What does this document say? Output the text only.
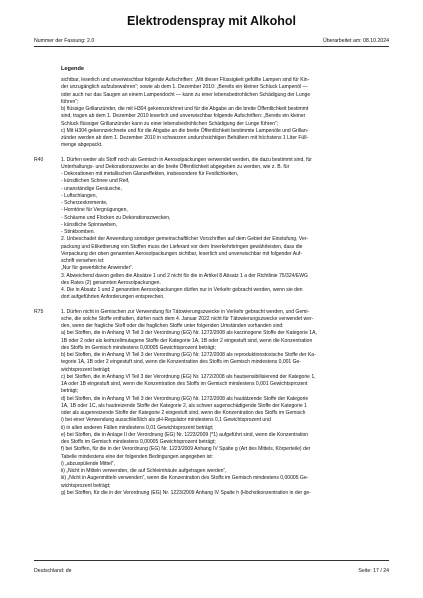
Elektrodenspray mit Alkohol
Nummer der Fassung: 2.0	Überarbeitet am: 08.10.2024
Legende
sichtbar, leserlich und unverwischbar folgende Aufschriften: „Mit dieser Flüssigkeit gefüllte Lampen sind für Kin-
der unzugänglich aufzubewahren“; sowie ab dem 1. Dezember 2010: „Bereits ein kleiner Schluck Lampenöl —
oder auch nur das Saugen an einem Lampendocht — kann zu einer lebensbedrohlichen Schädigung der Lunge
führen“;
b) flüssige Grillanzünder, die mit H304 gekennzeichnet und für die Abgabe an die breite Öffentlichkeit bestimmt
sind, tragen ab dem 1. Dezember 2010 leserlich und unverwischbar folgende Aufschriften: „Bereits ein kleiner
Schluck flüssiger Grillanzünder kann zu einer lebensbedrohlichen Schädigung der Lunge führen“;
c) Mit H304 gekennzeichnete und für die Abgabe an die breite Öffentlichkeit bestimmte Lampenöle und Grillan-
zünder werden ab dem 1. Dezember 2010 in schwarzen undurchsichtigen Behältern mit höchstens 1 Liter Füll-
menge abgepackt.
R40	1. Dürfen weder als Stoff noch als Gemisch in Aerosolpackungen verwendet werden, die dazu bestimmt sind, für
Unterhaltungs- und Dekorationszwecke an die breite Öffentlichkeit abgegeben zu werden, wie z. B. für
- Dekorationen mit metallischen Glanzeffekten, insbesondere für Festlichkeiten,
- künstlichen Schnee und Reif,
- unanständige Geräusche,
- Luftschlangen,
- Scherzexkremente,
- Horntöne für Vergnügungen,
- Schäume und Flocken zu Dekorationszwecken,
- künstliche Spinnweben,
- Stinkbomben.
2. Unbeschadet der Anwendung sonstiger gemeinschaftlicher Vorschriften auf dem Gebiet der Einstufung, Ver-
packung und Etikettierung von Stoffen muss der Lieferant vor dem Inverkehrbringen gewährleisten, dass die
Verpackung der oben genannten Aerosolpackungen sichtbar, leserlich und unverwischbar mit folgender Auf-
schrift versehen ist:
„Nur für gewerbliche Anwender“.
3. Abweichend davon gelten die Absätze 1 und 2 nicht für die in Artikel 8 Absatz 1 a der Richtlinie 75/324/EWG
des Rates (2) genannten Aerosolpackungen.
4. Die in Absatz 1 und 2 genannten Aerosolpackungen dürfen nur in Verkehr gebracht werden, wenn sie den
dort aufgeführten Anforderungen entsprechen.
R75	1. Dürfen nicht in Gemischen zur Verwendung für Tätowierungszwecke in Verkehr gebracht werden, und Gemi-
sche, die solche Stoffe enthalten, dürfen nach dem 4. Januar 2022 nicht für Tätowierungszwecke verwendet wer-
den, wenn der fragliche Stoff oder die fraglichen Stoffe unter folgenden Umständen vorhanden sind:
a) bei Stoffen, die in Anhang VI Teil 3 der Verordnung (EG) Nr. 1272/2008 als karzinogene Stoffe der Kategorie 1A,
1B oder 2 oder als keimzellmutagene Stoffe der Kategorie 1A, 1B oder 2 eingestuft sind, wenn die Konzentration
des Stoffs im Gemisch mindestens 0,00005 Gewichtsprozent beträgt;
b) bei Stoffen, die in Anhang VI Teil 3 der Verordnung (EG) Nr. 1272/2008 als reproduktionstoxische Stoffe der Ka-
tegorie 1A, 1B oder 2 eingestuft sind, wenn die Konzentration des Stoffs im Gemisch mindestens 0,001 Ge-
wichtsprozent beträgt;
c) bei Stoffen, die in Anhang VI Teil 3 der Verordnung (EG) Nr. 1272/2008 als hautsensibilisierend der Kategorie 1,
1A oder 1B eingestuft sind, wenn die Konzentration des Stoffs im Gemisch mindestens 0,001 Gewichtsprozent
beträgt;
d) bei Stoffen, die in Anhang VI Teil 3 der Verordnung (EG) Nr. 1272/2008 als hautätzende Stoffe der Kategorie
1A, 1B oder 1C, als hautreizende Stoffe der Kategorie 2, als schwer augenschädigende Stoffe der Kategorie 1
oder als augenreizende Stoffe der Kategorie 2 eingestuft sind, wenn die Konzentration des Stoffs im Gemisch
i) bei einer Verwendung ausschließlich als pH-Regulator mindestens 0,1 Gewichtsprozent und
ii) in allen anderen Fällen mindestens 0,01 Gewichtsprozent beträgt;
e) bei Stoffen, die in Anlage II der Verordnung (EG) Nr. 1223/2009 (*1) aufgeführt sind, wenn die Konzentration
des Stoffs im Gemisch mindestens 0,00005 Gewichtsprozent beträgt;
f) bei Stoffen, für die in der Verordnung (EG) Nr. 1223/2009 Anhang IV Spalte g (Art des Mittels, Körperteile) der
Tabelle mindestens eine der folgenden Bedingungen angegeben ist:
i) „abzuspülende Mittel“,
ii) „Nicht in Mitteln verwenden, die auf Schleimhäute aufgetragen werden“,
iii) „Nicht in Augenmitteln verwenden“, wenn die Konzentration des Stoffs im Gemisch mindestens 0,00005 Ge-
wichtsprozent beträgt;
g) bei Stoffen, für die in der Verordnung (EG) Nr. 1223/2009 Anhang IV Spalte h (Höchstkonzentration in der ge-
Deutschland: de	Seite: 17 / 24
